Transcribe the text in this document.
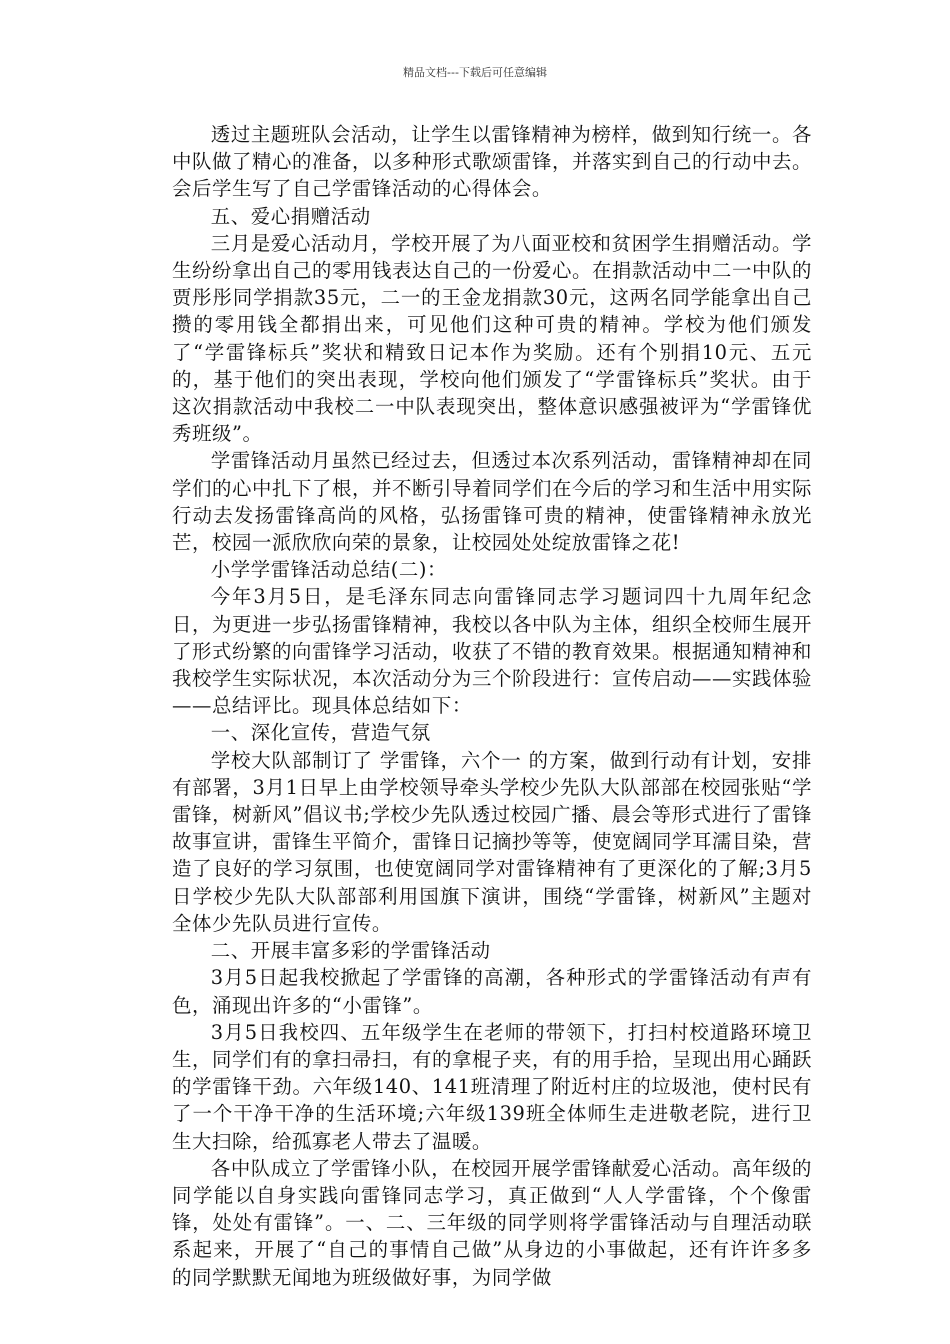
精品文档---下载后可任意编辑

透过主题班队会活动，让学生以雷锋精神为榜样，做到知行统一。各中队做了精心的准备，以多种形式歌颂雷锋，并落实到自己的行动中去。会后学生写了自己学雷锋活动的心得体会。

五、爱心捐赠活动

三月是爱心活动月，学校开展了为八面亚校和贫困学生捐赠活动。学生纷纷拿出自己的零用钱表达自己的一份爱心。在捐款活动中二一中队的贾彤彤同学捐款35元，二一的王金龙捐款30元，这两名同学能拿出自己攒的零用钱全都捐出来，可见他们这种可贵的精神。学校为他们颁发了“学雷锋标兵”奖状和精致日记本作为奖励。还有个别捐10元、五元的，基于他们的突出表现，学校向他们颁发了“学雷锋标兵”奖状。由于这次捐款活动中我校二一中队表现突出，整体意识感强被评为“学雷锋优秀班级”。

学雷锋活动月虽然已经过去，但透过本次系列活动，雷锋精神却在同学们的心中扎下了根，并不断引导着同学们在今后的学习和生活中用实际行动去发扬雷锋高尚的风格，弘扬雷锋可贵的精神，使雷锋精神永放光芒，校园一派欣欣向荣的景象，让校园处处绽放雷锋之花!

小学学雷锋活动总结(二)：

今年3月5日，是毛泽东同志向雷锋同志学习题词四十九周年纪念日，为更进一步弘扬雷锋精神，我校以各中队为主体，组织全校师生展开了形式纷繁的向雷锋学习活动，收获了不错的教育效果。根据通知精神和我校学生实际状况，本次活动分为三个阶段进行：宣传启动——实践体验——总结评比。现具体总结如下：

一、深化宣传，营造气氛

学校大队部制订了 学雷锋，六个一 的方案，做到行动有计划，安排有部署，3月1日早上由学校领导牵头学校少先队大队部部在校园张贴“学雷锋，树新风”倡议书;学校少先队透过校园广播、晨会等形式进行了雷锋故事宣讲，雷锋生平简介，雷锋日记摘抄等等，使宽阔同学耳濡目染，营造了良好的学习氛围，也使宽阔同学对雷锋精神有了更深化的了解;3月5日学校少先队大队部部利用国旗下演讲，围绕“学雷锋，树新风”主题对全体少先队员进行宣传。

二、开展丰富多彩的学雷锋活动

3月5日起我校掀起了学雷锋的高潮，各种形式的学雷锋活动有声有色，涌现出许多的“小雷锋”。

3月5日我校四、五年级学生在老师的带领下，打扫村校道路环境卫生，同学们有的拿扫帚扫，有的拿棍子夹，有的用手拾，呈现出用心踊跃的学雷锋干劲。六年级140、141班清理了附近村庄的垃圾池，使村民有了一个干净干净的生活环境;六年级139班全体师生走进敬老院，进行卫生大扫除，给孤寡老人带去了温暖。

各中队成立了学雷锋小队，在校园开展学雷锋献爱心活动。高年级的同学能以自身实践向雷锋同志学习，真正做到“人人学雷锋，个个像雷锋，处处有雷锋”。一、二、三年级的同学则将学雷锋活动与自理活动联系起来，开展了“自己的事情自己做”从身边的小事做起，还有许许多多的同学默默无闻地为班级做好事，为同学做
